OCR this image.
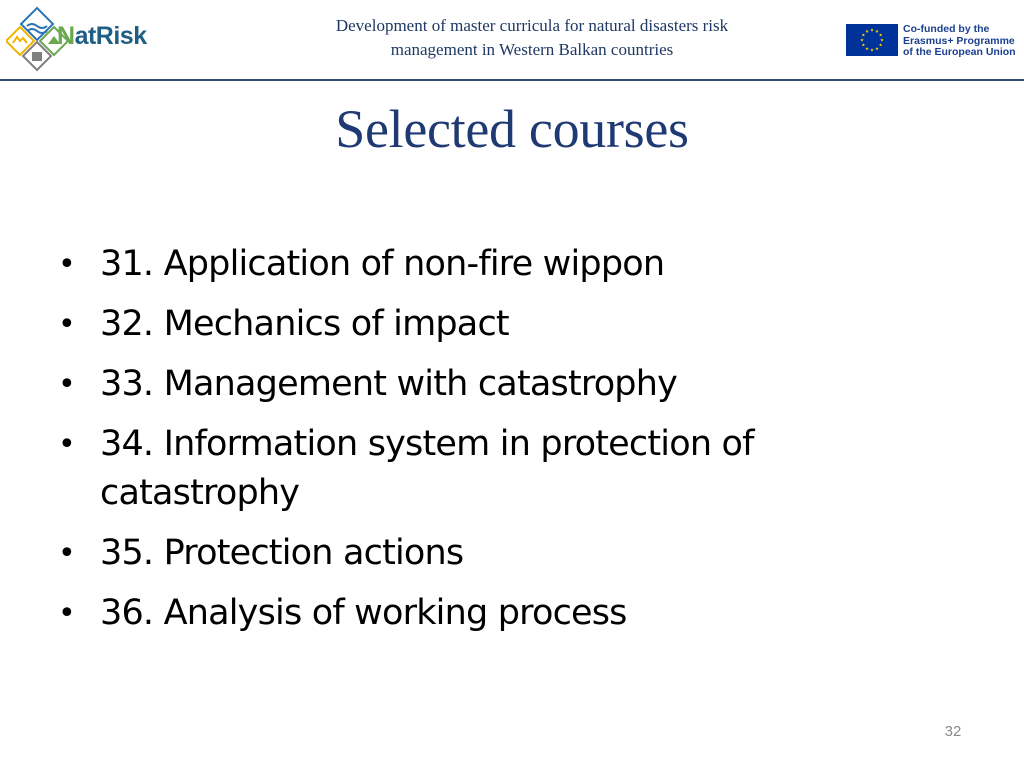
NatRisk	Development of master curricula for natural disasters risk
management in Western Balkan countries
Co-funded by the
Erasmus+ Programme
of the European Union
Selected courses
• 31. Application of non-fire wippon
• 32. Mechanics of impact
• 33. Management with catastrophy
• 34. Information system in protection of catastrophy
• 35. Protection actions
• 36. Analysis of working process
32
